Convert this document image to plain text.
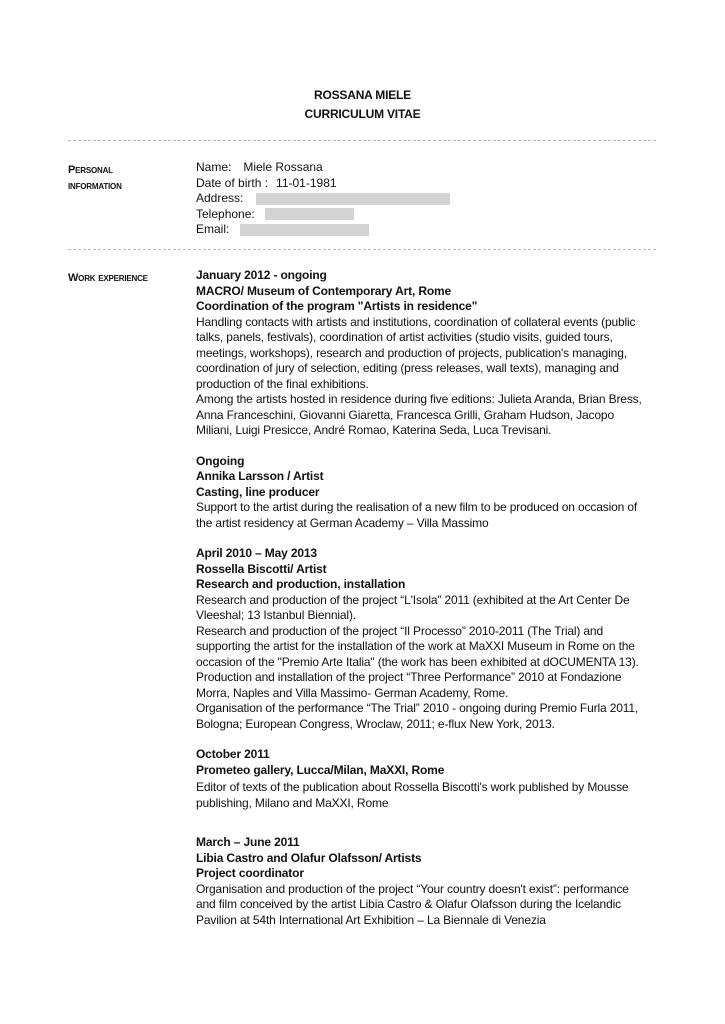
ROSSANA MIELE
CURRICULUM VITAE
Personal
information
Name: Miele Rossana
Date of birth : 11-01-1981
Address:
Telephone:
Email:
Work experience	January 2012 - ongoing
MACRO/ Museum of Contemporary Art, Rome
Coordination of the program "Artists in residence"
Handling contacts with artists and institutions, coordination of collateral events (public talks, panels, festivals), coordination of artist activities (studio visits, guided tours, meetings, workshops), research and production of projects, publication's managing, coordination of jury of selection, editing (press releases, wall texts), managing and production of the final exhibitions.
Among the artists hosted in residence during five editions: Julieta Aranda, Brian Bress, Anna Franceschini, Giovanni Giaretta, Francesca Grilli, Graham Hudson, Jacopo Miliani, Luigi Presicce, André Romao, Katerina Seda, Luca Trevisani.
Ongoing
Annika Larsson / Artist
Casting, line producer
Support to the artist during the realisation of a new film to be produced on occasion of the artist residency at German Academy – Villa Massimo
April 2010 – May 2013
Rossella Biscotti/ Artist
Research and production, installation
Research and production of the project “L'Isola” 2011 (exhibited at the Art Center De Vleeshal; 13 Istanbul Biennial).
Research and production of the project “Il Processo” 2010-2011 (The Trial) and supporting the artist for the installation of the work at MaXXI Museum in Rome on the occasion of the "Premio Arte Italia" (the work has been exhibited at dOCUMENTA 13).
Production and installation of the project “Three Performance” 2010 at Fondazione Morra, Naples and Villa Massimo- German Academy, Rome.
Organisation of the performance “The Trial” 2010 - ongoing during Premio Furla 2011, Bologna; European Congress, Wroclaw, 2011; e-flux New York, 2013.
October 2011
Prometeo gallery, Lucca/Milan, MaXXI, Rome
Editor of texts of the publication about Rossella Biscotti's work published by Mousse publishing, Milano and MaXXI, Rome
March – June 2011
Libia Castro and Olafur Olafsson/ Artists
Project coordinator
Organisation and production of the project “Your country doesn't exist”: performance and film conceived by the artist Libia Castro & Olafur Olafsson during the Icelandic Pavilion at 54th International Art Exhibition – La Biennale di Venezia
